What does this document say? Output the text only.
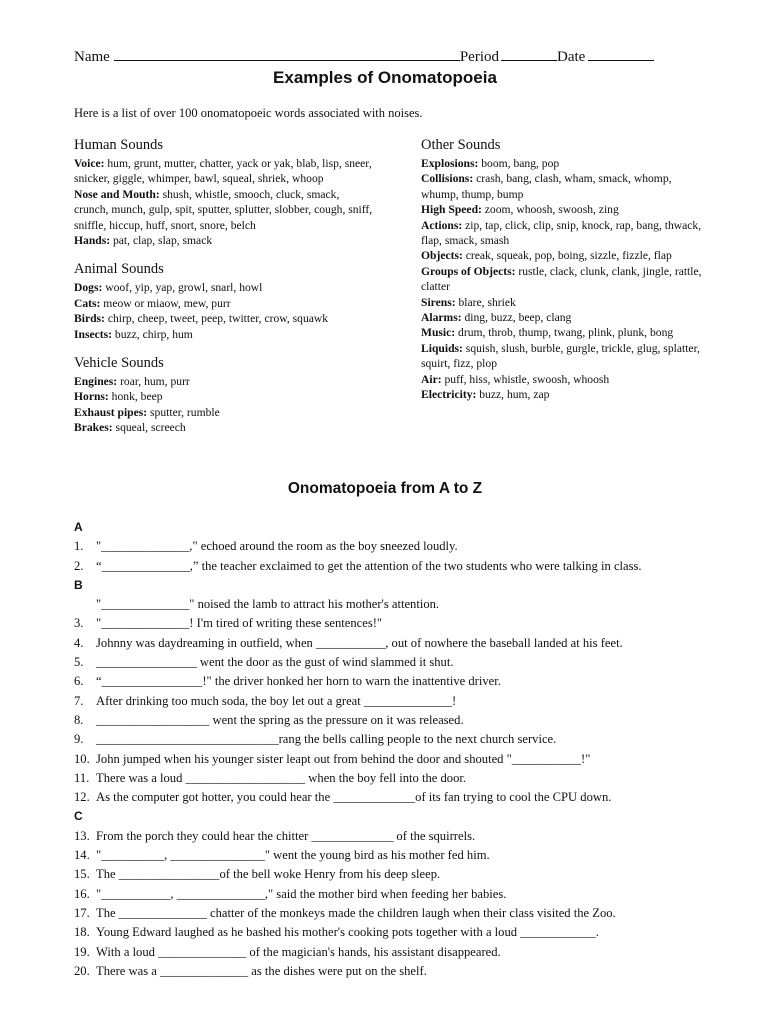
Name	Period	Date
Examples of Onomatopoeia
Here is a list of over 100 onomatopoeic words associated with noises.
Human Sounds
Voice: hum, grunt, mutter, chatter, yack or yak, blab, lisp, sneer, snicker, giggle, whimper, bawl, squeal, shriek, whoop
Nose and Mouth: shush, whistle, smooch, cluck, smack, crunch, munch, gulp, spit, sputter, splutter, slobber, cough, sniff, sniffle, hiccup, huff, snort, snore, belch
Hands: pat, clap, slap, smack
Animal Sounds
Dogs: woof, yip, yap, growl, snarl, howl
Cats: meow or miaow, mew, purr
Birds: chirp, cheep, tweet, peep, twitter, crow, squawk
Insects: buzz, chirp, hum
Vehicle Sounds
Engines: roar, hum, purr
Horns: honk, beep
Exhaust pipes: sputter, rumble
Brakes: squeal, screech
Other Sounds
Explosions: boom, bang, pop
Collisions: crash, bang, clash, wham, smack, whomp, whump, thump, bump
High Speed: zoom, whoosh, swoosh, zing
Actions: zip, tap, click, clip, snip, knock, rap, bang, thwack, flap, smack, smash
Objects: creak, squeak, pop, boing, sizzle, fizzle, flap
Groups of Objects: rustle, clack, clunk, clank, jingle, rattle, clatter
Sirens: blare, shriek
Alarms: ding, buzz, beep, clang
Music: drum, throb, thump, twang, plink, plunk, bong
Liquids: squish, slush, burble, gurgle, trickle, glug, splatter, squirt, fizz, plop
Air: puff, hiss, whistle, swoosh, whoosh
Electricity: buzz, hum, zap
Onomatopoeia from A to Z
A
1. "______________," echoed around the room as the boy sneezed loudly.
2. “______________,” the teacher exclaimed to get the attention of the two students who were talking in class.
B
"______________" noised the lamb to attract his mother's attention.
3. "______________! I'm tired of writing these sentences!"
4. Johnny was daydreaming in outfield, when ___________, out of nowhere the baseball landed at his feet.
5. ________________ went the door as the gust of wind slammed it shut.
6. “________________!" the driver honked her horn to warn the inattentive driver.
7. After drinking too much soda, the boy let out a great ______________!
8. __________________ went the spring as the pressure on it was released.
9. _____________________________rang the bells calling people to the next church service.
10. John jumped when his younger sister leapt out from behind the door and shouted "___________!"
11. There was a loud ___________________ when the boy fell into the door.
12. As the computer got hotter, you could hear the _____________of its fan trying to cool the CPU down.
C
13. From the porch they could hear the chitter _____________ of the squirrels.
14. "__________, _______________" went the young bird as his mother fed him.
15. The ________________of the bell woke Henry from his deep sleep.
16. "___________, ______________," said the mother bird when feeding her babies.
17. The ______________ chatter of the monkeys made the children laugh when their class visited the Zoo.
18. Young Edward laughed as he bashed his mother's cooking pots together with a loud ____________.
19. With a loud ______________ of the magician's hands, his assistant disappeared.
20. There was a ______________ as the dishes were put on the shelf.
